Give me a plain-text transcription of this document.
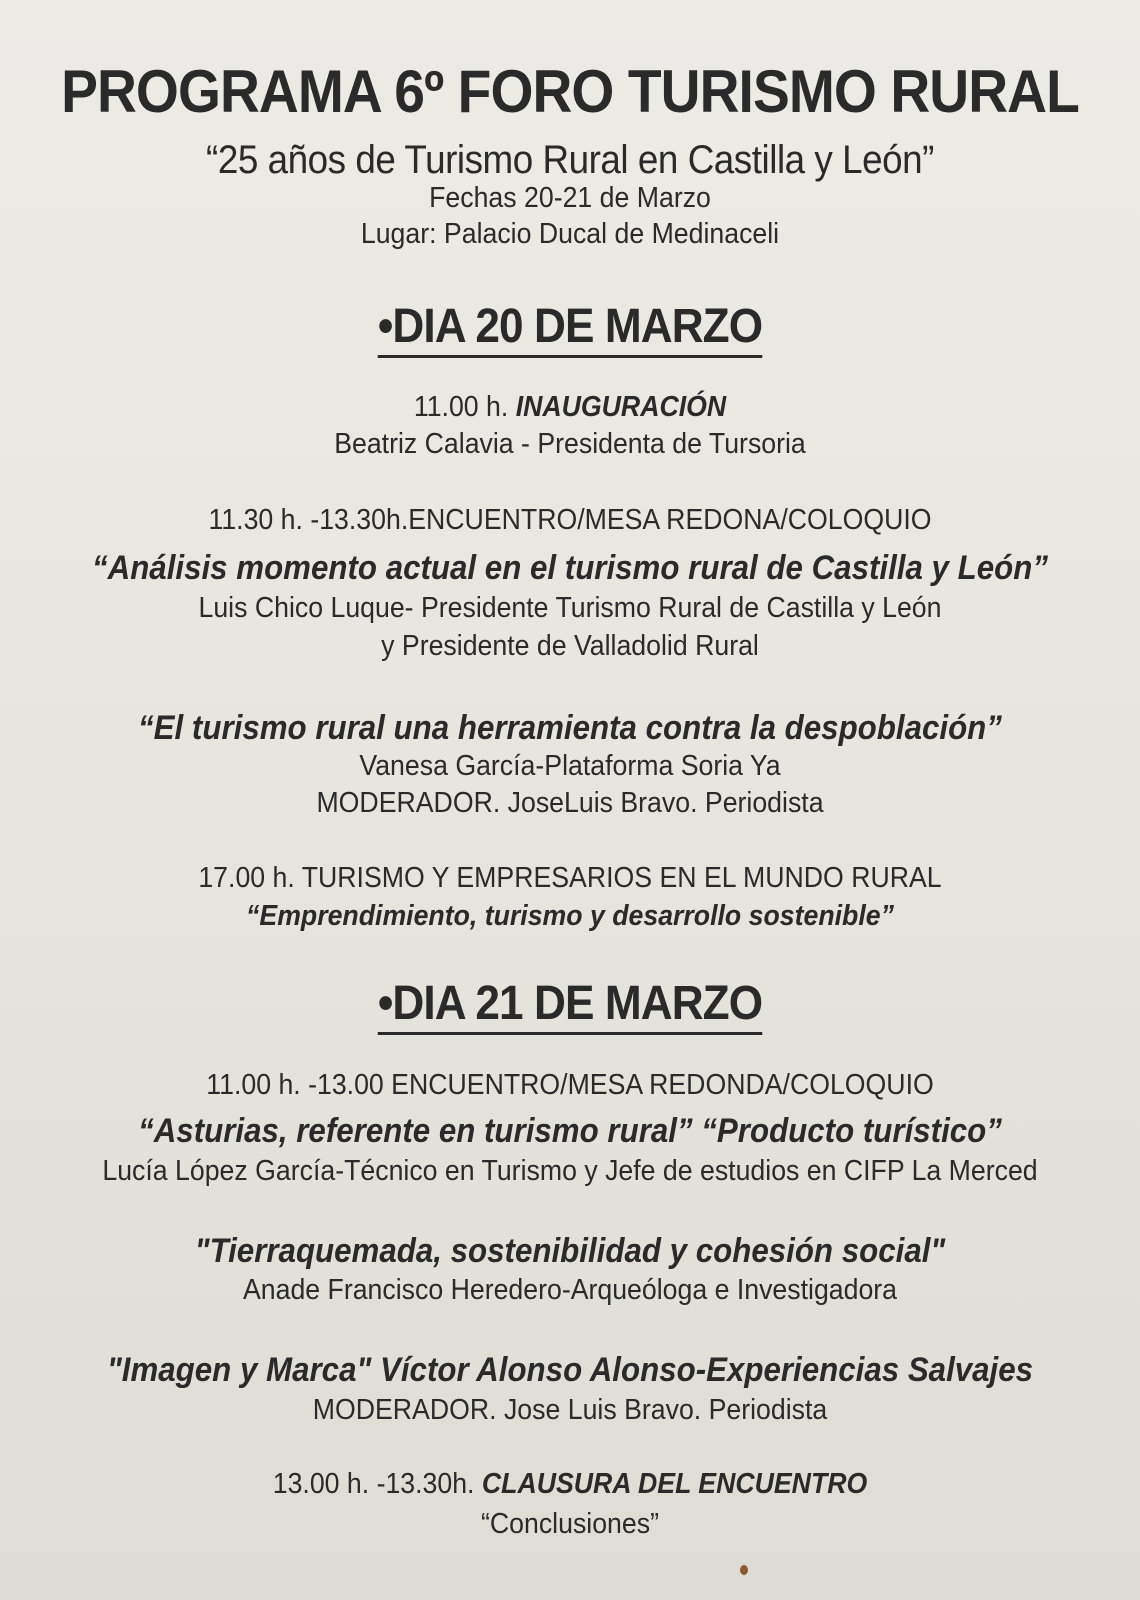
PROGRAMA 6º FORO TURISMO RURAL
“25 años de Turismo Rural en Castilla y León”
Fechas 20-21 de Marzo
Lugar: Palacio Ducal de Medinaceli
•DIA 20 DE MARZO
11.00 h. INAUGURACIÓN
Beatriz Calavia - Presidenta de Tursoria
11.30 h. -13.30h.ENCUENTRO/MESA REDONA/COLOQUIO
“Análisis momento actual en el turismo rural de Castilla y León”
Luis Chico Luque- Presidente Turismo Rural de Castilla y León
y Presidente de Valladolid Rural
“El turismo rural una herramienta contra la despoblación”
Vanesa García-Plataforma Soria Ya
MODERADOR. JoseLuis Bravo. Periodista
17.00 h. TURISMO Y EMPRESARIOS EN EL MUNDO RURAL
“Emprendimiento, turismo y desarrollo sostenible”
•DIA 21 DE MARZO
11.00 h. -13.00 ENCUENTRO/MESA REDONDA/COLOQUIO
“Asturias, referente en turismo rural” “Producto turístico”
Lucía López García-Técnico en Turismo y Jefe de estudios en CIFP La Merced
"Tierraquemada, sostenibilidad y cohesión social"
Anade Francisco Heredero-Arqueóloga e Investigadora
"Imagen y Marca" Víctor Alonso Alonso-Experiencias Salvajes
MODERADOR. Jose Luis Bravo. Periodista
13.00 h. -13.30h. CLAUSURA DEL ENCUENTRO
“Conclusiones”
